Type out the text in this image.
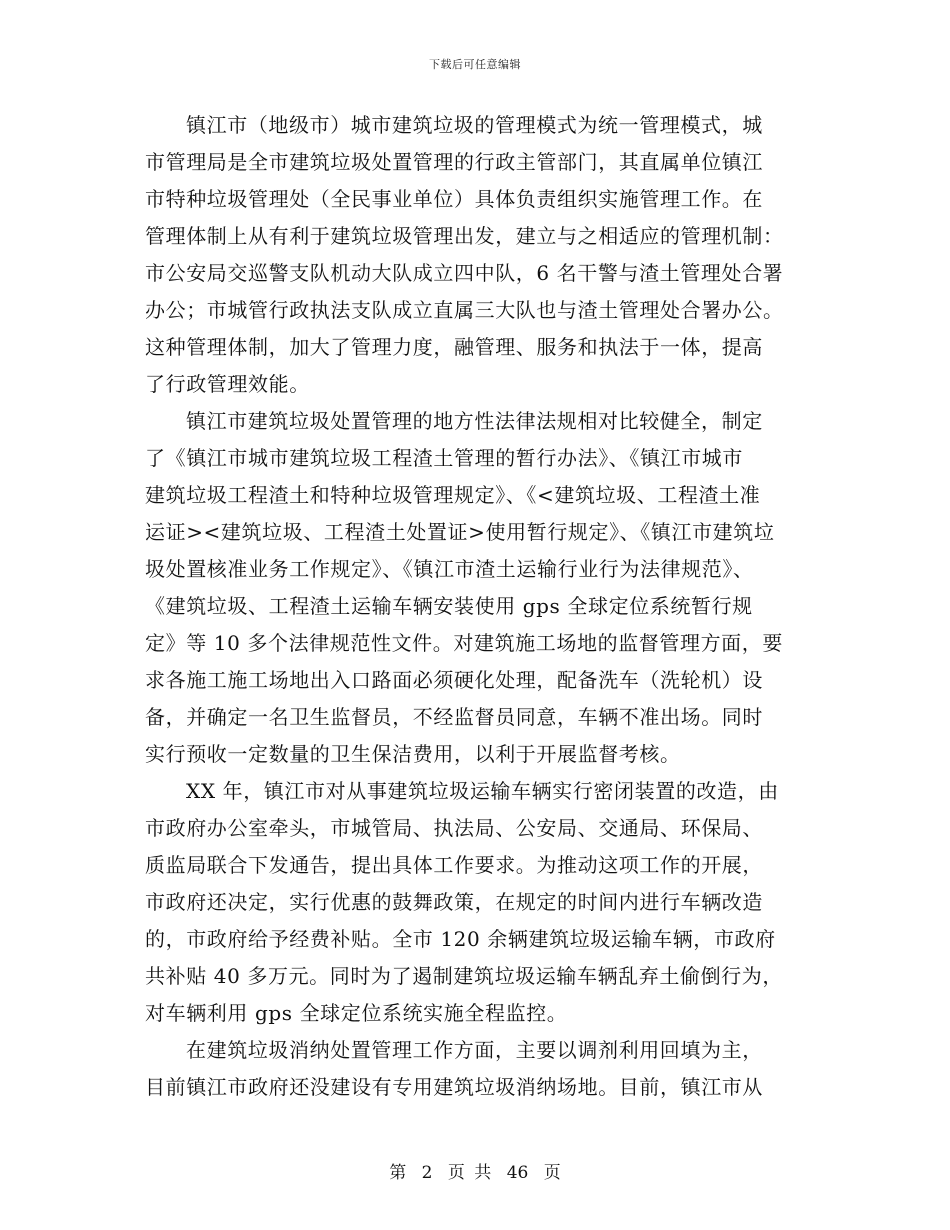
下载后可任意编辑
镇江市（地级市）城市建筑垃圾的管理模式为统一管理模式，城
市管理局是全市建筑垃圾处置管理的行政主管部门，其直属单位镇江
市特种垃圾管理处（全民事业单位）具体负责组织实施管理工作。在
管理体制上从有利于建筑垃圾管理出发，建立与之相适应的管理机制：
市公安局交巡警支队机动大队成立四中队，6 名干警与渣土管理处合署
办公；市城管行政执法支队成立直属三大队也与渣土管理处合署办公。
这种管理体制，加大了管理力度，融管理、服务和执法于一体，提高
了行政管理效能。
镇江市建筑垃圾处置管理的地方性法律法规相对比较健全，制定
了《镇江市城市建筑垃圾工程渣土管理的暂行办法》、《镇江市城市
建筑垃圾工程渣土和特种垃圾管理规定》、《<建筑垃圾、工程渣土准
运证><建筑垃圾、工程渣土处置证>使用暂行规定》、《镇江市建筑垃
圾处置核准业务工作规定》、《镇江市渣土运输行业行为法律规范》、
《建筑垃圾、工程渣土运输车辆安装使用 gps 全球定位系统暂行规
定》等 10 多个法律规范性文件。对建筑施工场地的监督管理方面，要
求各施工施工场地出入口路面必须硬化处理，配备洗车（洗轮机）设
备，并确定一名卫生监督员，不经监督员同意，车辆不准出场。同时
实行预收一定数量的卫生保洁费用，以利于开展监督考核。
XX 年，镇江市对从事建筑垃圾运输车辆实行密闭装置的改造，由
市政府办公室牵头，市城管局、执法局、公安局、交通局、环保局、
质监局联合下发通告，提出具体工作要求。为推动这项工作的开展，
市政府还决定，实行优惠的鼓舞政策，在规定的时间内进行车辆改造
的，市政府给予经费补贴。全市 120 余辆建筑垃圾运输车辆，市政府
共补贴 40 多万元。同时为了遏制建筑垃圾运输车辆乱弃土偷倒行为，
对车辆利用 gps 全球定位系统实施全程监控。
在建筑垃圾消纳处置管理工作方面，主要以调剂利用回填为主，
目前镇江市政府还没建设有专用建筑垃圾消纳场地。目前，镇江市从
第 2 页 共 46 页
